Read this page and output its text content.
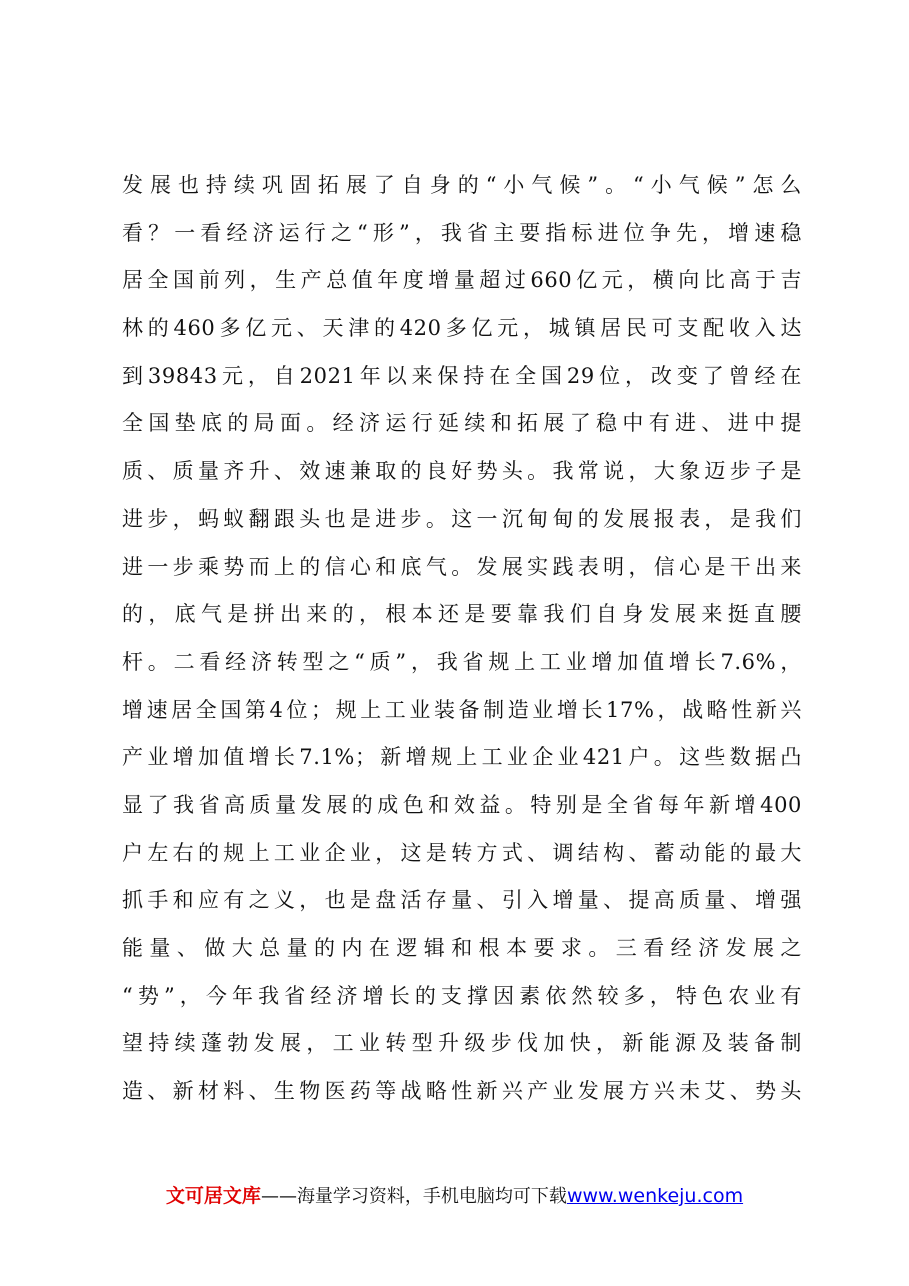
发展也持续巩固拓展了自身的“小气候”。“小气候”怎么
看？一看经济运行之“形”，我省主要指标进位争先，增速稳
居全国前列，生产总值年度增量超过660亿元，横向比高于吉
林的460多亿元、天津的420多亿元，城镇居民可支配收入达
到39843元，自2021年以来保持在全国29位，改变了曾经在
全国垫底的局面。经济运行延续和拓展了稳中有进、进中提
质、质量齐升、效速兼取的良好势头。我常说，大象迈步子是
进步，蚂蚁翻跟头也是进步。这一沉甸甸的发展报表，是我们
进一步乘势而上的信心和底气。发展实践表明，信心是干出来
的，底气是拼出来的，根本还是要靠我们自身发展来挺直腰
杆。二看经济转型之“质”，我省规上工业增加值增长7.6%，
增速居全国第4位；规上工业装备制造业增长17%，战略性新兴
产业增加值增长7.1%；新增规上工业企业421户。这些数据凸
显了我省高质量发展的成色和效益。特别是全省每年新增400
户左右的规上工业企业，这是转方式、调结构、蓄动能的最大
抓手和应有之义，也是盘活存量、引入增量、提高质量、增强
能量、做大总量的内在逻辑和根本要求。三看经济发展之
“势”，今年我省经济增长的支撑因素依然较多，特色农业有
望持续蓬勃发展，工业转型升级步伐加快，新能源及装备制
造、新材料、生物医药等战略性新兴产业发展方兴未艾、势头
文可居文库——海量学习资料，手机电脑均可下载www.wenkeju.com
